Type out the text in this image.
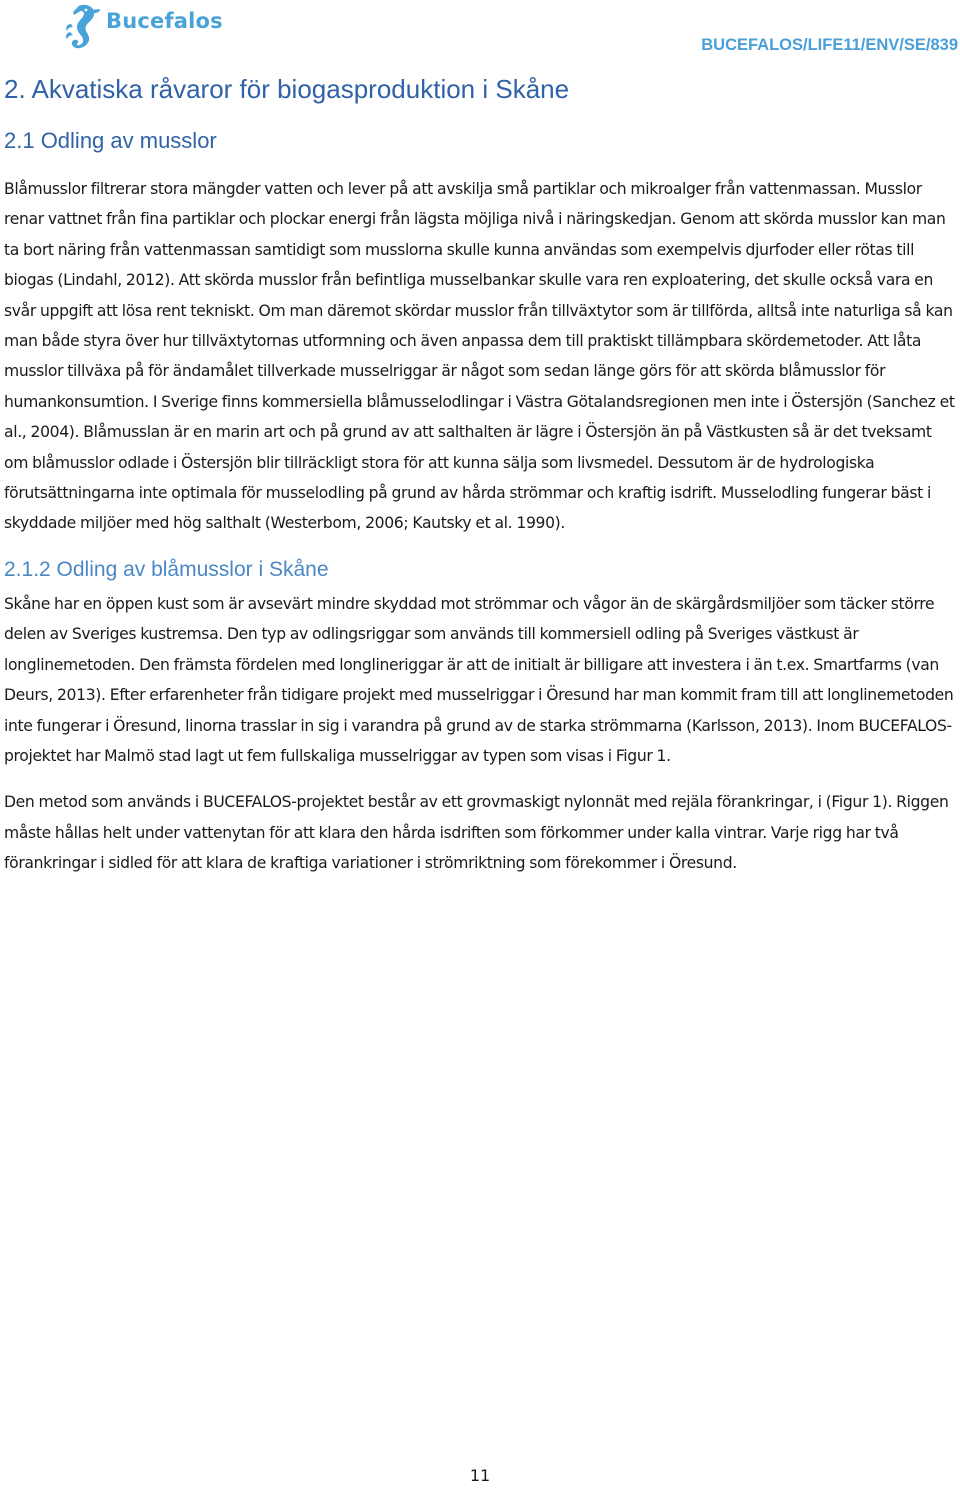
Bucefalos
BUCEFALOS/LIFE11/ENV/SE/839
2. Akvatiska råvaror för biogasproduktion i Skåne
2.1 Odling av musslor

Blåmusslor filtrerar stora mängder vatten och lever på att avskilja små partiklar och mikroalger från vattenmassan. Musslor renar vattnet från fina partiklar och plockar energi från lägsta möjliga nivå i näringskedjan. Genom att skörda musslor kan man ta bort näring från vattenmassan samtidigt som musslorna skulle kunna användas som exempelvis djurfoder eller rötas till biogas (Lindahl, 2012). Att skörda musslor från befintliga musselbankar skulle vara ren exploatering, det skulle också vara en svår uppgift att lösa rent tekniskt. Om man däremot skördar musslor från tillväxtytor som är tillförda, alltså inte naturliga så kan man både styra över hur tillväxtytornas utformning och även anpassa dem till praktiskt tillämpbara skördemetoder. Att låta musslor tillväxa på för ändamålet tillverkade musselriggar är något som sedan länge görs för att skörda blåmusslor för humankonsumtion. I Sverige finns kommersiella blåmusselodlingar i Västra Götalandsregionen men inte i Östersjön (Sanchez et al., 2004). Blåmusslan är en marin art och på grund av att salthalten är lägre i Östersjön än på Västkusten så är det tveksamt om blåmusslor odlade i Östersjön blir tillräckligt stora för att kunna sälja som livsmedel. Dessutom är de hydrologiska förutsättningarna inte optimala för musselodling på grund av hårda strömmar och kraftig isdrift. Musselodling fungerar bäst i skyddade miljöer med hög salthalt (Westerbom, 2006; Kautsky et al. 1990).

2.1.2 Odling av blåmusslor i Skåne

Skåne har en öppen kust som är avsevärt mindre skyddad mot strömmar och vågor än de skärgårdsmiljöer som täcker större delen av Sveriges kustremsa. Den typ av odlingsriggar som används till kommersiell odling på Sveriges västkust är longlinemetoden. Den främsta fördelen med longlineriggar är att de initialt är billigare att investera i än t.ex. Smartfarms (van Deurs, 2013). Efter erfarenheter från tidigare projekt med musselriggar i Öresund har man kommit fram till att longlinemetoden inte fungerar i Öresund, linorna trasslar in sig i varandra på grund av de starka strömmarna (Karlsson, 2013). Inom BUCEFALOS-projektet har Malmö stad lagt ut fem fullskaliga musselriggar av typen som visas i Figur 1.

Den metod som används i BUCEFALOS-projektet består av ett grovmaskigt nylonnät med rejäla förankringar, i (Figur 1). Riggen måste hållas helt under vattenytan för att klara den hårda isdriften som förkommer under kalla vintrar. Varje rigg har två förankringar i sidled för att klara de kraftiga variationer i strömriktning som förekommer i Öresund.

11
